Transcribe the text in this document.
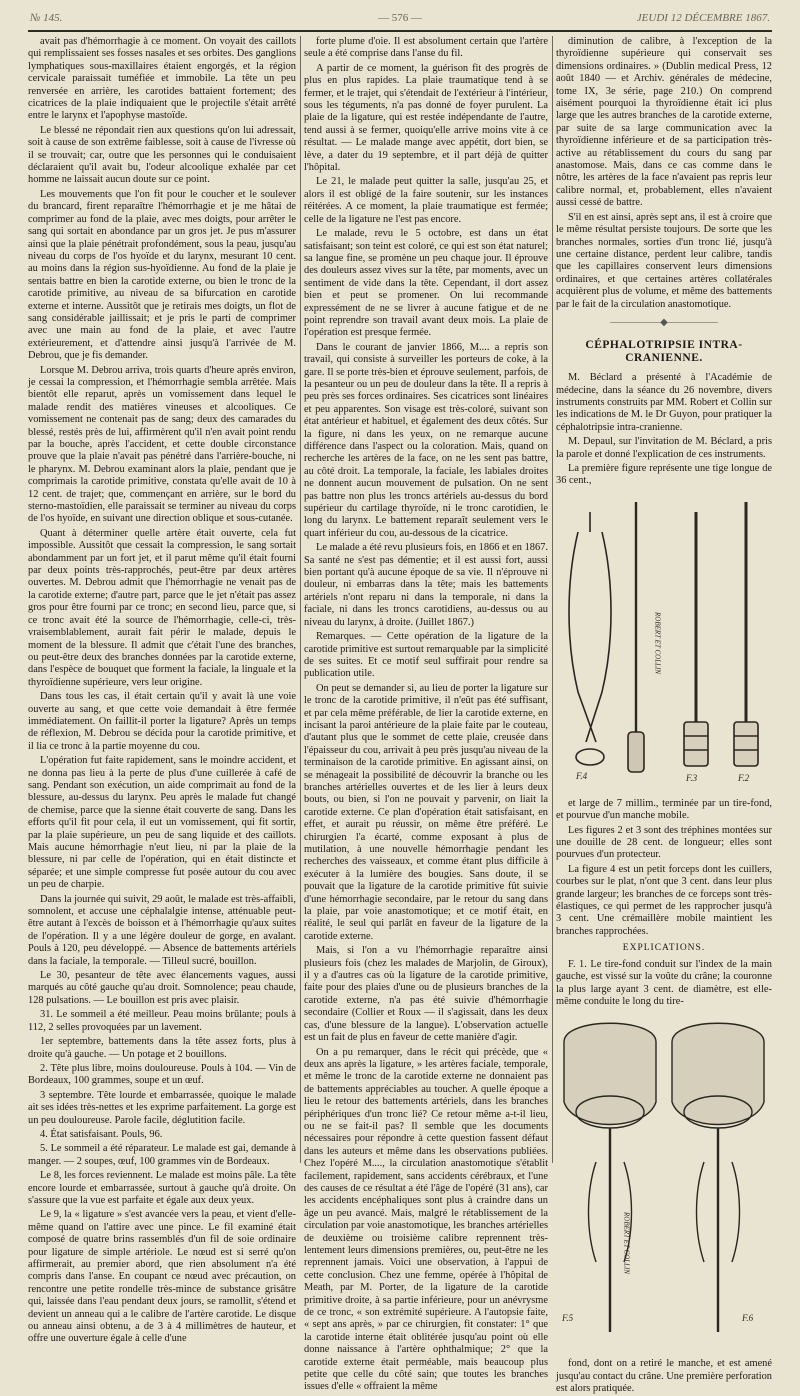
№ 145.	— 576 —	JEUDI 12 DÉCEMBRE 1867.

avait pas d'hémorrhagie à ce moment. On voyait des caillots qui remplissaient ses fosses nasales et ses orbites. Des ganglions lymphatiques sous-maxillaires étaient engorgés, et la région cervicale paraissait tuméfiée et immobile. La tête un peu renversée en arrière, les carotides battaient fortement; des cicatrices de la plaie indiquaient que le projectile s'était arrêté entre le larynx et l'apophyse mastoïde.

Le blessé ne répondait rien aux questions qu'on lui adressait, soit à cause de son extrême faiblesse, soit à cause de l'ivresse où il se trouvait; car, outre que les personnes qui le conduisaient déclaraient qu'il avait bu, l'odeur alcoolique exhalée par cet homme ne laissait aucun doute sur ce point.

Les mouvements que l'on fit pour le coucher et le soulever du brancard, firent reparaître l'hémorrhagie et je me hâtai de comprimer au fond de la plaie, avec mes doigts, pour arrêter le sang qui sortait en abondance par un gros jet. Je pus m'assurer ainsi que la plaie pénétrait profondément, sous la peau, jusqu'au niveau du corps de l'os hyoïde et du larynx, mesurant 10 cent. au moins dans la région sus-hyoïdienne. Au fond de la plaie je sentais battre en bien la carotide externe, ou bien le tronc de la carotide primitive, au niveau de sa bifurcation en carotide externe et interne. Aussitôt que je retirais mes doigts, un flot de sang considérable jaillissait; et je pris le parti de comprimer avec une main au fond de la plaie, et avec l'autre extérieurement, et d'attendre ainsi jusqu'à l'arrivée de M. Debrou, que je fis demander.

Lorsque M. Debrou arriva, trois quarts d'heure après environ, je cessai la compression, et l'hémorrhagie sembla arrêtée. Mais bientôt elle reparut, après un vomissement dans lequel le malade rendit des matières vineuses et alcooliques. Ce vomissement ne contenait pas de sang; deux des camarades du blessé, restés près de lui, affirmèrent qu'il n'en avait point rendu par la bouche, après l'accident, et cette double circonstance prouve que la plaie n'avait pas pénétré dans l'arrière-bouche, ni le pharynx. M. Debrou examinant alors la plaie, pendant que je comprimais la carotide primitive, constata qu'elle avait de 10 à 12 cent. de trajet; que, commençant en arrière, sur le bord du sterno-mastoïdien, elle paraissait se terminer au niveau du corps de l'os hyoïde, en suivant une direction oblique et sous-cutanée.

Quant à déterminer quelle artère était ouverte, cela fut impossible. Aussitôt que cessait la compression, le sang sortait abondamment par un fort jet, et il parut même qu'il était fourni par deux points très-rapprochés, peut-être par deux artères ouvertes. M. Debrou admit que l'hémorrhagie ne venait pas de la carotide externe; d'autre part, parce que le jet n'était pas assez gros pour être fourni par ce tronc; en second lieu, parce que, si ce tronc avait été la source de l'hémorrhagie, celle-ci, très-vraisemblablement, aurait fait périr le malade, depuis le moment de la blessure. Il admit que c'était l'une des branches, ou peut-être deux des branches données par la carotide externe, dans l'espèce de bouquet que forment la faciale, la linguale et la thyroïdienne supérieure, vers leur origine.

Dans tous les cas, il était certain qu'il y avait là une voie ouverte au sang, et que cette voie demandait à être fermée immédiatement. On faillit-il porter la ligature? Après un temps de réflexion, M. Debrou se décida pour la carotide primitive, et il lia ce tronc à la partie moyenne du cou.

L'opération fut faite rapidement, sans le moindre accident, et ne donna pas lieu à la perte de plus d'une cuillerée à café de sang. Pendant son exécution, un aide comprimait au fond de la blessure, au-dessus du larynx. Peu après le malade fut changé de chemise, parce que la sienne était couverte de sang. Dans les efforts qu'il fit pour cela, il eut un vomissement, qui fit sortir, par la plaie supérieure, un peu de sang liquide et des caillots. Mais aucune hémorrhagie n'eut lieu, ni par la plaie de la blessure, ni par celle de l'opération, qui en était distincte et séparée; et une simple compresse fut posée autour du cou avec un peu de charpie.

Dans la journée qui suivit, 29 août, le malade est très-affaibli, somnolent, et accuse une céphalalgie intense, atténuable peut-être autant à l'excès de boisson et à l'hémorrhagie qu'aux suites de l'opération. Il y a une légère douleur de gorge, en avalant. Pouls à 120, peu développé. — Absence de battements artériels dans la faciale, la temporale. — Tilleul sucré, bouillon.

Le 30, pesanteur de tête avec élancements vagues, aussi marqués au côté gauche qu'au droit. Somnolence; peau chaude, 128 pulsations. — Le bouillon est pris avec plaisir.

31. Le sommeil a été meilleur. Peau moins brûlante; pouls à 112, 2 selles provoquées par un lavement.

1er septembre, battements dans la tête assez forts, plus à droite qu'à gauche. — Un potage et 2 bouillons.

2. Tête plus libre, moins douloureuse. Pouls à 104. — Vin de Bordeaux, 100 grammes, soupe et un œuf.

3 septembre. Tête lourde et embarrassée, quoique le malade ait ses idées très-nettes et les exprime parfaitement. La gorge est un peu douloureuse. Parole facile, déglutition facile.

4. État satisfaisant. Pouls, 96.

5. Le sommeil a été réparateur. Le malade est gai, demande à manger. — 2 soupes, œuf, 100 grammes vin de Bordeaux.

Le 8, les forces reviennent. Le malade est moins pâle. La tête encore lourde et embarrassée, surtout à gauche qu'à droite. On s'assure que la vue est parfaite et égale aux deux yeux.

Le 9, la « ligature » s'est avancée vers la peau, et vient d'elle-même quand on l'attire avec une pince. Le fil examiné était composé de quatre brins rassemblés d'un fil de soie ordinaire pour ligature de simple artériole. Le nœud est si serré qu'on affirmerait, au premier abord, que rien absolument n'a été compris dans l'anse. En coupant ce nœud avec précaution, on rencontre une petite rondelle très-mince de substance grisâtre qui, laissée dans l'eau pendant deux jours, se ramollit, s'étend et devient un anneau qui a le calibre de l'artère carotide. Le disque ou anneau ainsi obtenu, a de 3 à 4 millimètres de hauteur, et offre une ouverture égale à celle d'une

forte plume d'oie. Il est absolument certain que l'artère seule a été comprise dans l'anse du fil.

A partir de ce moment, la guérison fit des progrès de plus en plus rapides. La plaie traumatique tend à se fermer, et le trajet, qui s'étendait de l'extérieur à l'intérieur, sous les téguments, n'a pas donné de foyer purulent. La plaie de la ligature, qui est restée indépendante de l'autre, tend aussi à se fermer, quoiqu'elle arrive moins vite à ce résultat. — Le malade mange avec appétit, dort bien, se lève, a dater du 19 septembre, et il part déjà de quitter l'hôpital.

Le 21, le malade peut quitter la salle, jusqu'au 25, et alors il est obligé de la faire soutenir, sur les instances réitérées. A ce moment, la plaie traumatique est fermée; celle de la ligature ne l'est pas encore.

Le malade, revu le 5 octobre, est dans un état satisfaisant; son teint est coloré, ce qui est son état naturel; sa langue fine, se promène un peu chaque jour. Il éprouve des douleurs assez vives sur la tête, par moments, avec un sentiment de vide dans la tête. Cependant, il dort assez bien et peut se promener. On lui recommande expressément de ne se livrer à aucune fatigue et de ne point reprendre son travail avant deux mois. La plaie de l'opération est presque fermée.

Dans le courant de janvier 1866, M.... a repris son travail, qui consiste à surveiller les porteurs de coke, à la gare. Il se porte très-bien et éprouve seulement, parfois, de la pesanteur ou un peu de douleur dans la tête. Il a repris à peu près ses forces ordinaires. Ses cicatrices sont linéaires et peu apparentes. Son visage est très-coloré, suivant son état antérieur et habituel, et également des deux côtés. Sur la figure, ni dans les yeux, on ne remarque aucune différence dans l'aspect ou la coloration. Mais, quand on recherche les artères de la face, on ne les sent pas battre, au côté droit. La temporale, la faciale, les labiales droites ne donnent aucun mouvement de pulsation. On ne sent pas battre non plus les troncs artériels au-dessus du bord supérieur du cartilage thyroïde, ni le tronc carotidien, le long du larynx. Le battement reparaît seulement vers le quart inférieur du cou, au-dessous de la cicatrice.

Le malade a été revu plusieurs fois, en 1866 et en 1867. Sa santé ne s'est pas démentie; et il est aussi fort, aussi bien portant qu'à aucune époque de sa vie. Il n'éprouve ni douleur, ni embarras dans la tête; mais les battements artériels n'ont reparu ni dans la temporale, ni dans la faciale, ni dans les troncs carotidiens, au-dessus ou au niveau du larynx, à droite. (Juillet 1867.)

Remarques. — Cette opération de la ligature de la carotide primitive est surtout remarquable par la simplicité de ses suites. Et ce motif seul suffirait pour rendre sa publication utile.

On peut se demander si, au lieu de porter la ligature sur le tronc de la carotide primitive, il n'eût pas été suffisant, et par cela même préférable, de lier la carotide externe, en incisant la paroi antérieure de la plaie faite par le couteau, d'autant plus que le sommet de cette plaie, creusée dans l'épaisseur du cou, arrivait à peu près jusqu'au niveau de la terminaison de la carotide primitive. En agissant ainsi, on se ménageait la possibilité de découvrir la branche ou les branches artérielles ouvertes et de les lier à leurs deux bouts, ou bien, si l'on ne pouvait y parvenir, on liait la carotide externe. Ce plan d'opération était satisfaisant, en effet, et aurait pu réussir, on même être préféré. Le chirurgien l'a écarté, comme exposant à plus de mutilation, à une nouvelle hémorrhagie pendant les recherches des vaisseaux, et comme étant plus difficile à exécuter à la lumière des bougies. Sans doute, il se pouvait que la ligature de la carotide primitive fût suivie d'une hémorrhagie secondaire, par le retour du sang dans la plaie, par voie anastomotique; et ce motif était, en réalité, le seul qui parlât en faveur de la ligature de la carotide externe.

Mais, si l'on a vu l'hémorrhagie reparaître ainsi plusieurs fois (chez les malades de Marjolin, de Giroux), il y a d'autres cas où la ligature de la carotide primitive, faite pour des plaies d'une ou de plusieurs branches de la carotide externe, n'a pas été suivie d'hémorrhagie secondaire (Collier et Roux — il s'agissait, dans les deux cas, d'une blessure de la langue). L'observation actuelle est un fait de plus en faveur de cette manière d'agir.

On a pu remarquer, dans le récit qui précède, que « deux ans après la ligature, » les artères faciale, temporale, et même le tronc de la carotide externe ne donnaient pas de battements appréciables au toucher. A quelle époque a lieu le retour des battements artériels, dans les branches périphériques d'un tronc lié? Ce retour même a-t-il lieu, ou ne se fait-il pas? Il semble que les documents nécessaires pour répondre à cette question fassent défaut dans les auteurs et même dans les observations publiées. Chez l'opéré M...., la circulation anastomotique s'établit facilement, rapidement, sans accidents cérébraux, et l'une des causes de ce résultat a été l'âge de l'opéré (31 ans), car les accidents encéphaliques sont plus à craindre dans un âge un peu avancé. Mais, malgré le rétablissement de la circulation par voie anastomotique, les branches artérielles de deuxième ou troisième calibre reprennent très-lentement leurs dimensions premières, ou, peut-être ne les reprennent jamais. Voici une observation, à l'appui de cette conclusion. Chez une femme, opérée à l'hôpital de Meath, par M. Porter, de la ligature de la carotide primitive droite, à sa partie inférieure, pour un anévrysme de ce tronc, « son extrémité supérieure. A l'autopsie faite, « sept ans après, » par ce chirurgien, fit constater: 1° que la carotide interne était oblitérée jusqu'au point où elle donne naissance à l'artère ophthalmique; 2° que la carotide externe était perméable, mais beaucoup plus petite que celle du côté sain; que toutes les branches issues d'elle « offraient la même

diminution de calibre, à l'exception de la thyroïdienne supérieure qui conservait ses dimensions ordinaires. » (Dublin medical Press, 12 août 1840 — et Archiv. générales de médecine, tome IX, 3e série, page 210.) On comprend aisément pourquoi la thyroïdienne était ici plus large que les autres branches de la carotide externe, par suite de sa large communication avec la thyroïdienne inférieure et de sa participation très-active au rétablissement du cours du sang par anastomose. Mais, dans ce cas comme dans le nôtre, les artères de la face n'avaient pas repris leur calibre normal, et, probablement, elles n'avaient aussi cessé de battre.

S'il en est ainsi, après sept ans, il est à croire que le même résultat persiste toujours. De sorte que les branches normales, sorties d'un tronc lié, jusqu'à une certaine distance, perdent leur calibre, tandis que les capillaires conservent leurs dimensions ordinaires, et que certaines artères collatérales acquièrent plus de volume, et même des battements par le fait de la circulation anastomotique.

—————◆—————
CÉPHALOTRIPSIE INTRA-CRANIENNE.

M. Béclard a présenté à l'Académie de médecine, dans la séance du 26 novembre, divers instruments construits par MM. Robert et Collin sur les indications de M. le Dr Guyon, pour pratiquer la céphalotripsie intra-cranienne.

M. Depaul, sur l'invitation de M. Béclard, a pris la parole et donné l'explication de ces instruments.

La première figure représente une tige longue de 36 cent.,

F.4	F.3	F.2
ROBERT ET COLLIN

et large de 7 millim., terminée par un tire-fond, et pourvue d'un manche mobile.

Les figures 2 et 3 sont des tréphines montées sur une douille de 28 cent. de longueur; elles sont pourvues d'un protecteur.

La figure 4 est un petit forceps dont les cuillers, courbes sur le plat, n'ont que 3 cent. dans leur plus grande largeur; les branches de ce forceps sont très-élastiques, ce qui permet de les rapprocher jusqu'à 3 cent. Une crémaillère mobile maintient les branches rapprochées.

EXPLICATIONS.

F. 1. Le tire-fond conduit sur l'index de la main gauche, est vissé sur la voûte du crâne; la couronne la plus large ayant 3 cent. de diamètre, est elle-même conduite le long du tire-

F.5	F.6
ROBERT ET COLLIN

fond, dont on a retiré le manche, et est amené jusqu'au contact du crâne. Une première perforation est alors pratiquée.
